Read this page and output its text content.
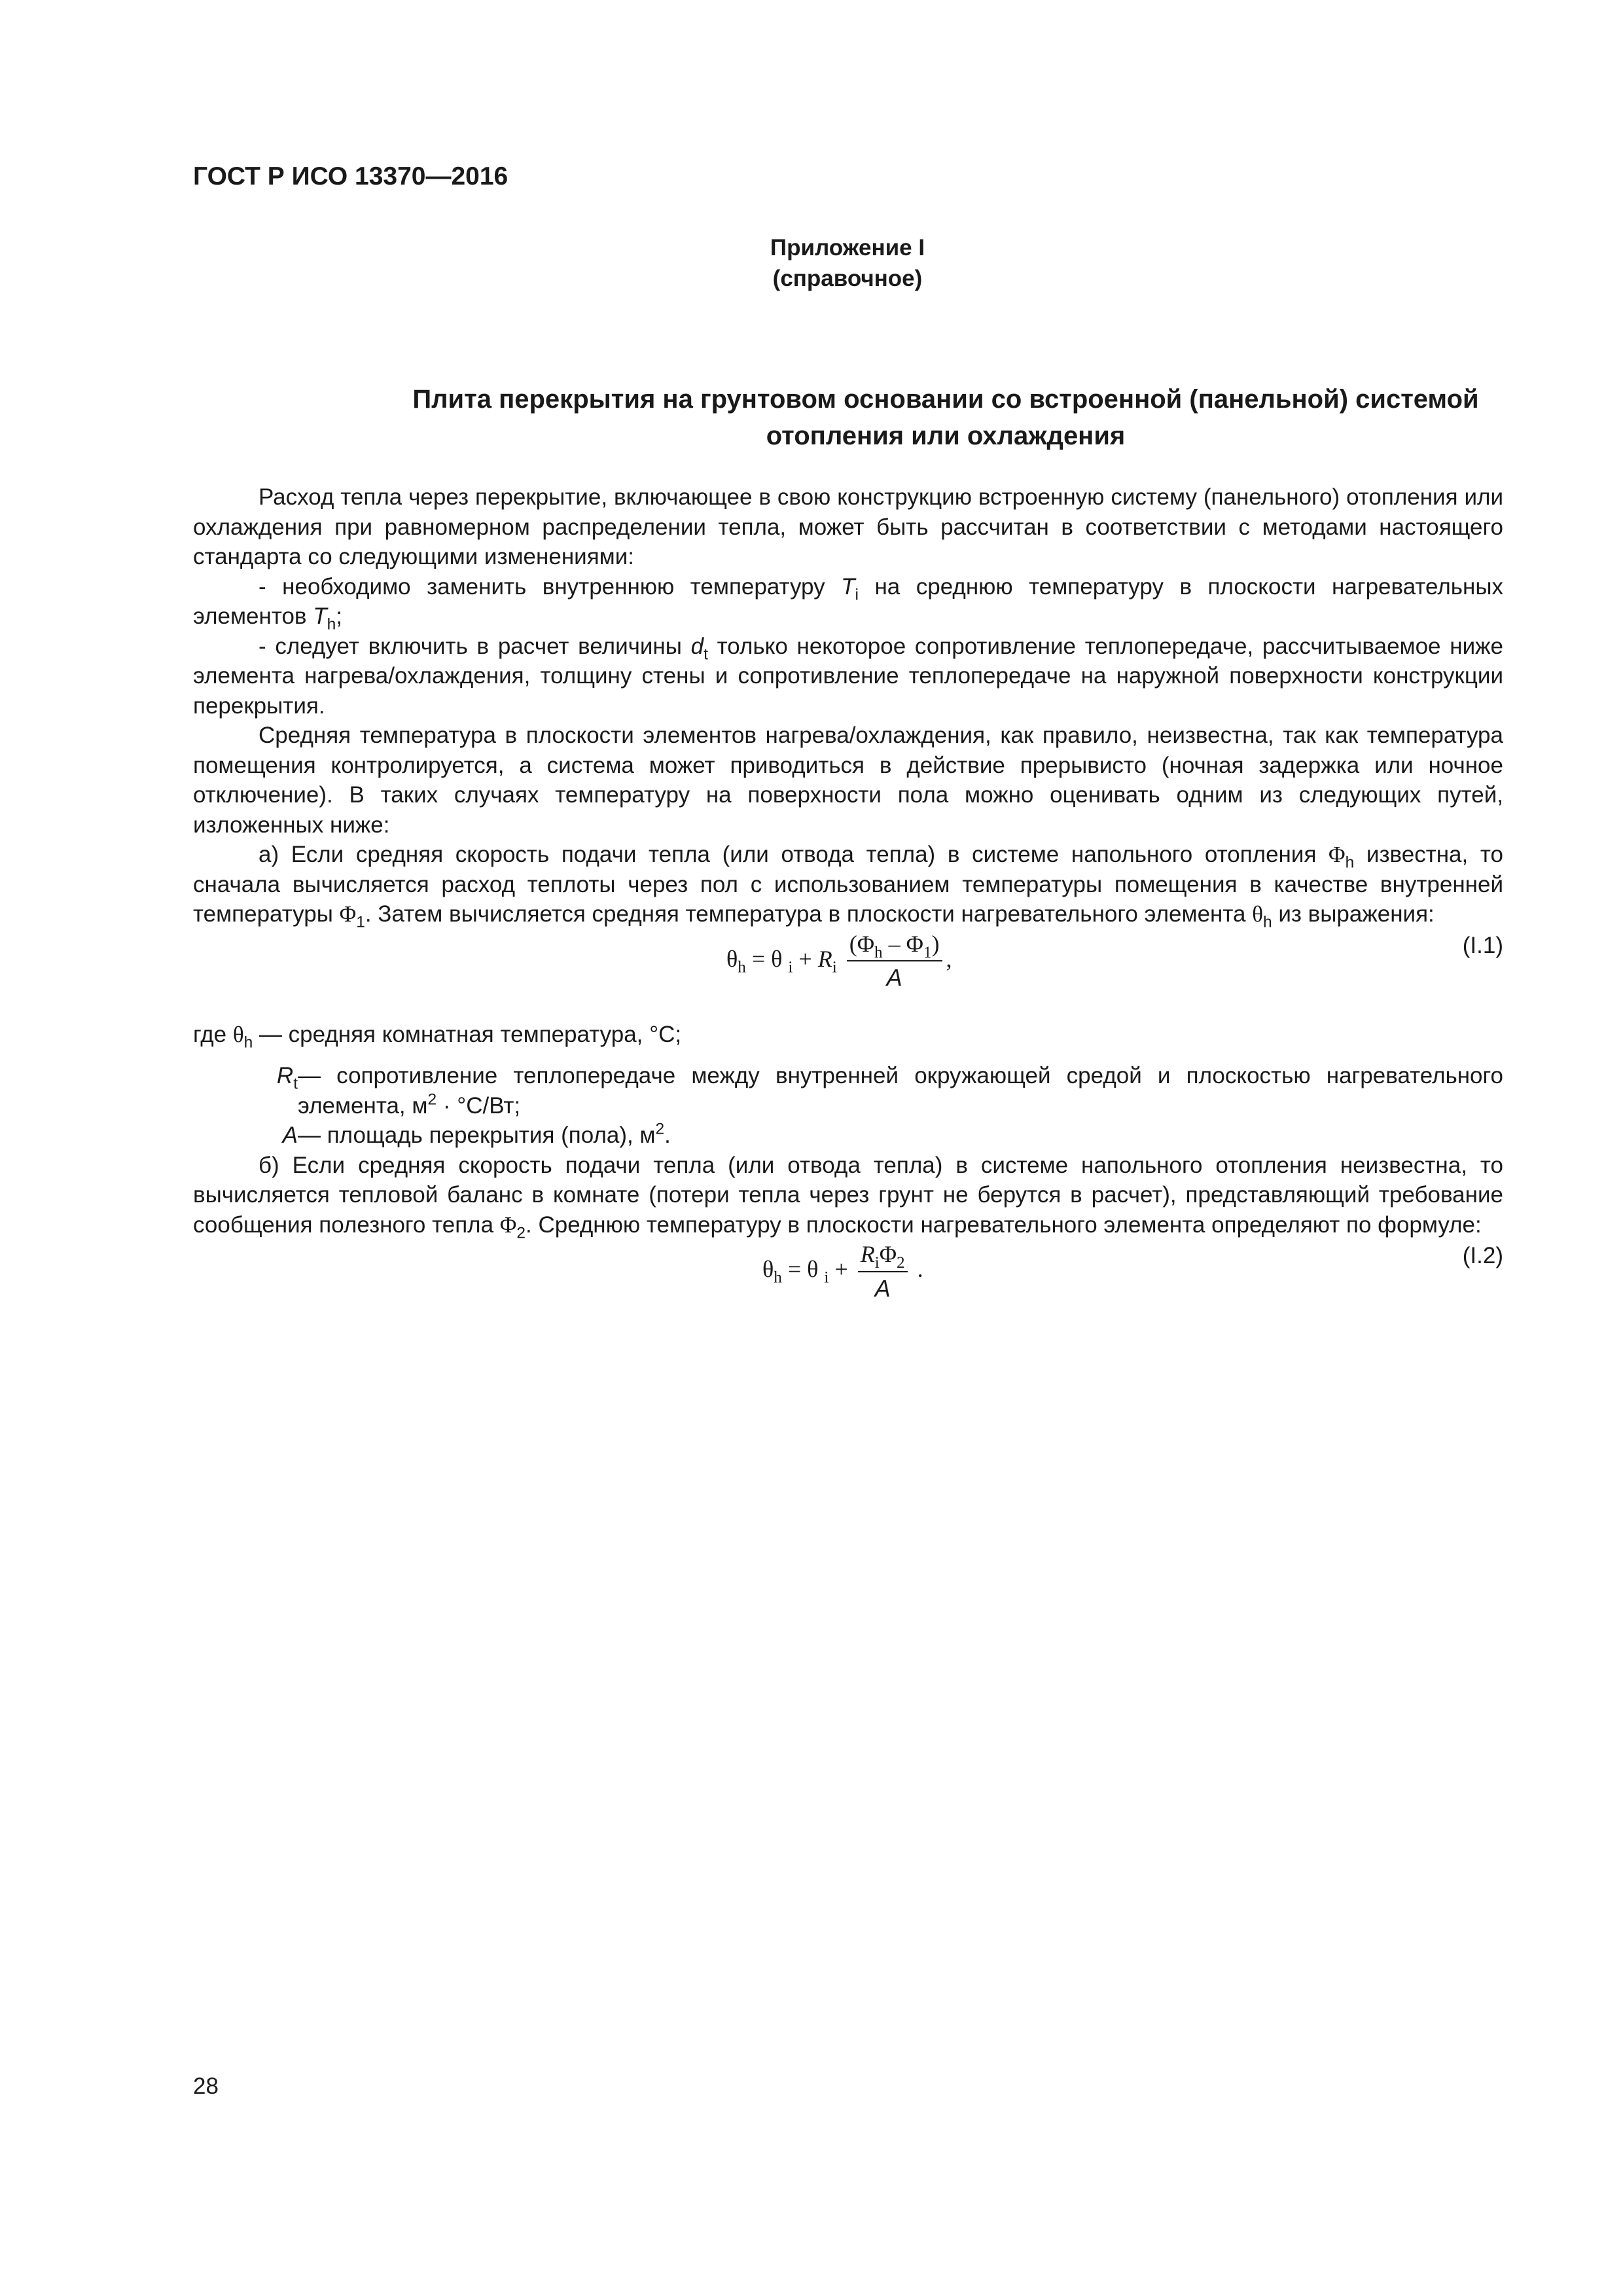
ГОСТ Р ИСО 13370—2016
Приложение I
(справочное)
Плита перекрытия на грунтовом основании со встроенной (панельной) системой
отопления или охлаждения

Расход тепла через перекрытие, включающее в свою конструкцию встроенную систему (панельного) отопления или охлаждения при равномерном распределении тепла, может быть рассчитан в соответствии с методами настоящего стандарта со следующими изменениями:

- необходимо заменить внутреннюю температуру $T_i$ на среднюю температуру в плоскости нагревательных элементов $T_h$;

- следует включить в расчет величины $d_t$ только некоторое сопротивление теплопередаче, рассчитываемое ниже элемента нагрева/охлаждения, толщину стены и сопротивление теплопередаче на наружной поверхности конструкции перекрытия.

Средняя температура в плоскости элементов нагрева/охлаждения, как правило, неизвестна, так как температура помещения контролируется, а система может приводиться в действие прерывисто (ночная задержка или ночное отключение). В таких случаях температуру на поверхности пола можно оценивать одним из следующих путей, изложенных ниже:

а) Если средняя скорость подачи тепла (или отвода тепла) в системе напольного отопления $\Phi_h$ известна, то сначала вычисляется расход теплоты через пол с использованием температуры помещения в качестве внутренней температуры $\Phi_1$. Затем вычисляется средняя температура в плоскости нагревательного элемента $\theta_h$ из выражения:

$\theta_h = \theta$ $_i + R_i \frac{(\Phi_h - \Phi_1)}{A}$ ,
(I.1)
где $\theta_h$ — средняя комнатная температура, °С;
$R_t$ — сопротивление теплопередаче между внутренней окружающей средой и плоскостью нагревательного элемента, $м^2 \cdot ^\circ С/Вт$;
A — площадь перекрытия (пола), $м^2$.

б) Если средняя скорость подачи тепла (или отвода тепла) в системе напольного отопления неизвестна, то вычисляется тепловой баланс в комнате (потери тепла через грунт не берутся в расчет), представляющий требование сообщения полезного тепла $\Phi_2$. Среднюю температуру в плоскости нагревательного элемента определяют по формуле:

$\theta_h = \theta$ $_i + \frac{R_i\Phi_2}{A}$ .
(I.2)
28
